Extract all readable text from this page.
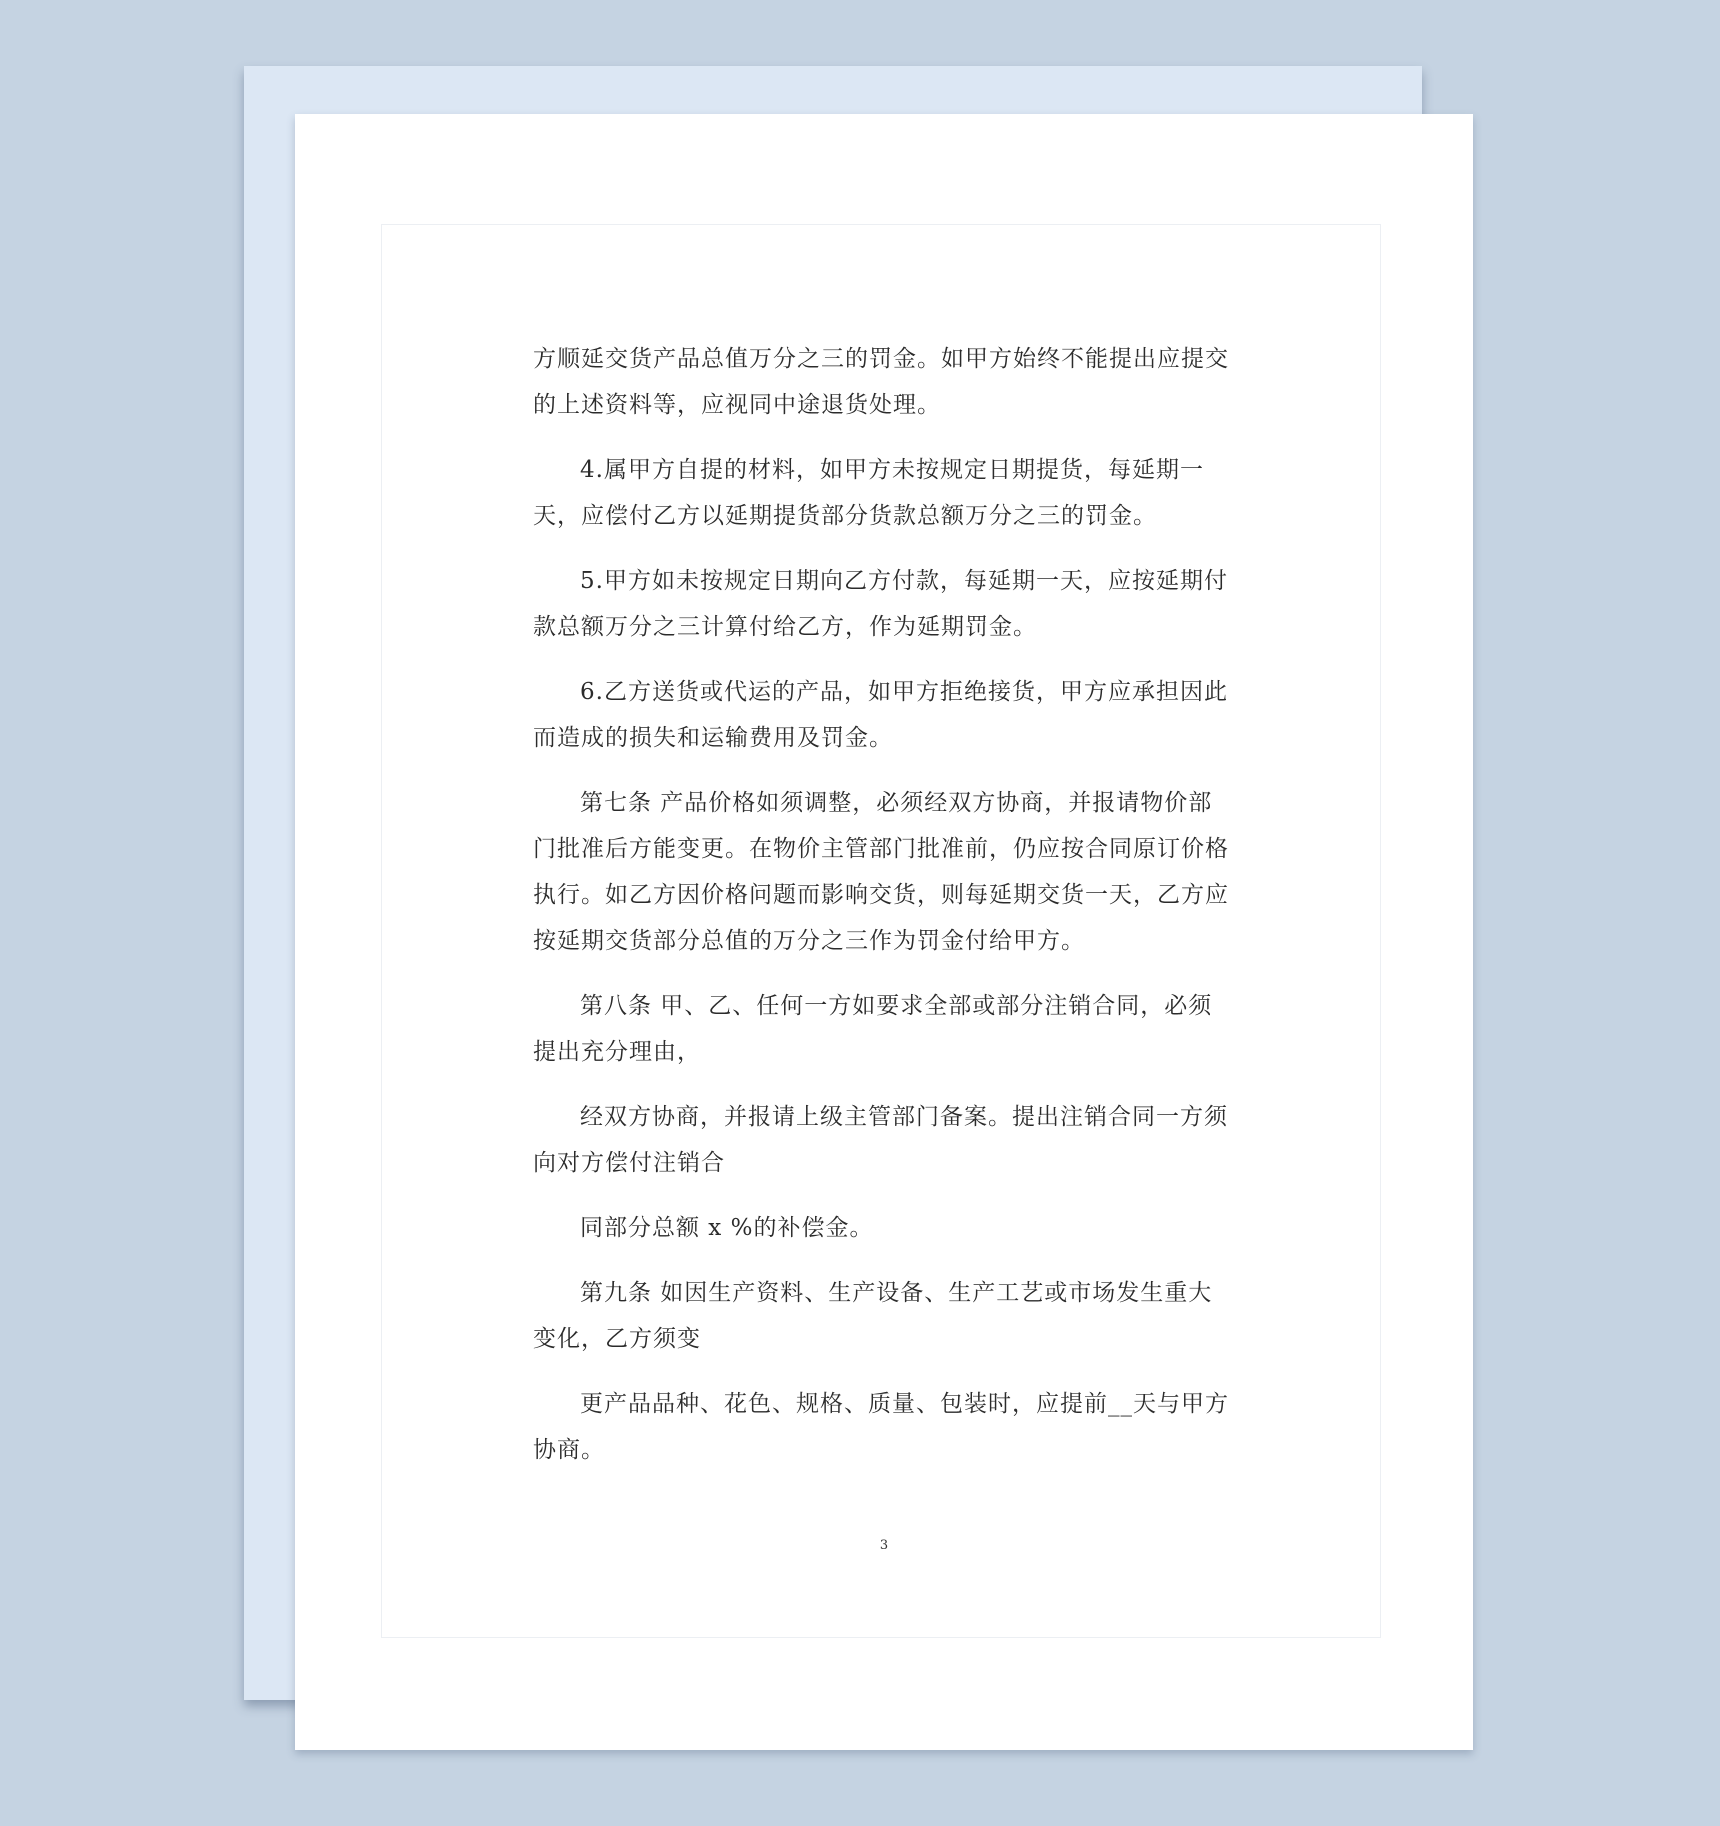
方顺延交货产品总值万分之三的罚金。如甲方始终不能提出应提交的上述资料等，应视同中途退货处理。

4.属甲方自提的材料，如甲方未按规定日期提货，每延期一天，应偿付乙方以延期提货部分货款总额万分之三的罚金。

5.甲方如未按规定日期向乙方付款，每延期一天，应按延期付款总额万分之三计算付给乙方，作为延期罚金。

6.乙方送货或代运的产品，如甲方拒绝接货，甲方应承担因此而造成的损失和运输费用及罚金。

第七条 产品价格如须调整，必须经双方协商，并报请物价部门批准后方能变更。在物价主管部门批准前，仍应按合同原订价格执行。如乙方因价格问题而影响交货，则每延期交货一天，乙方应按延期交货部分总值的万分之三作为罚金付给甲方。

第八条 甲、乙、任何一方如要求全部或部分注销合同，必须提出充分理由，

经双方协商，并报请上级主管部门备案。提出注销合同一方须向对方偿付注销合

同部分总额 x %的补偿金。

第九条 如因生产资料、生产设备、生产工艺或市场发生重大变化，乙方须变

更产品品种、花色、规格、质量、包装时，应提前__天与甲方协商。

3
